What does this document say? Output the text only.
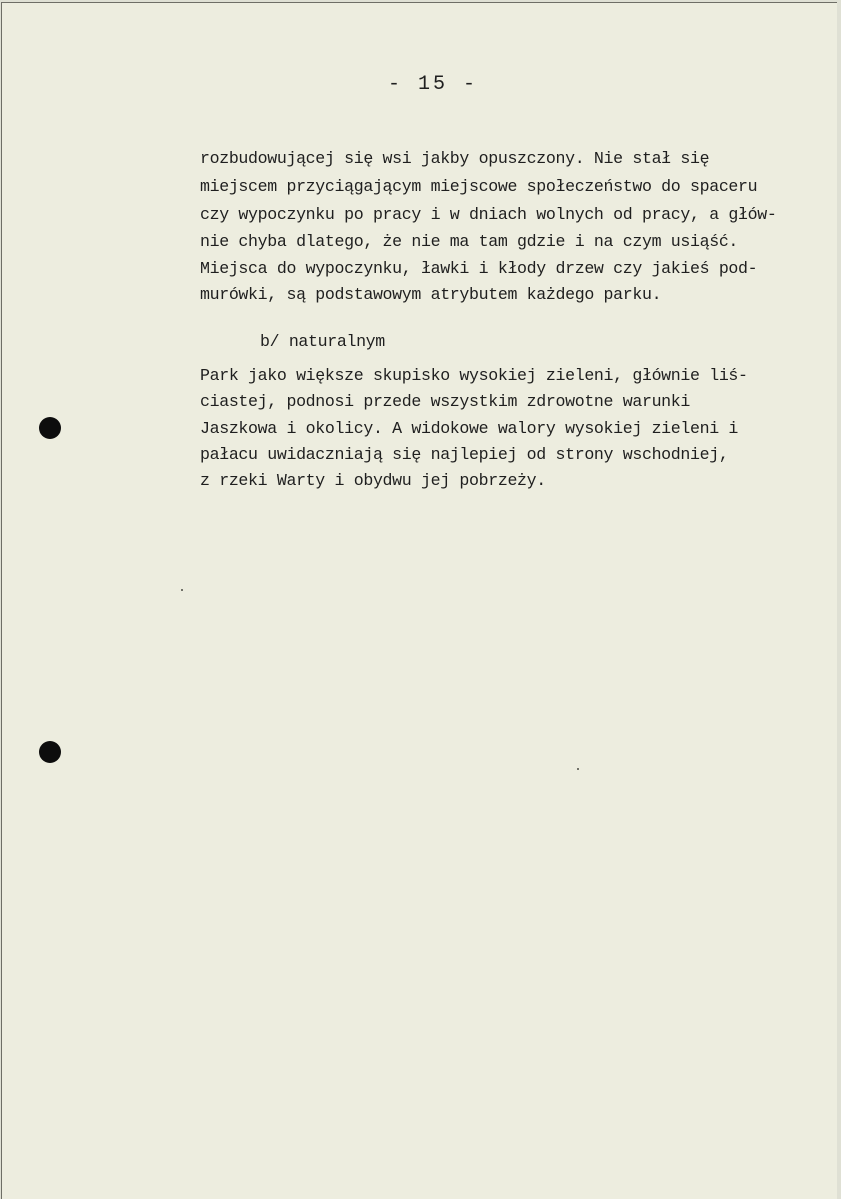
- 15 -
rozbudowującej się wsi jakby opuszczony. Nie stał się
miejscem przyciągającym miejscowe społeczeństwo do spaceru
czy wypoczynku po pracy i w dniach wolnych od pracy, a głów-
nie chyba dlatego, że nie ma tam gdzie i na czym usiąść.
Miejsca do wypoczynku, ławki i kłody drzew czy jakieś pod-
murówki, są podstawowym atrybutem każdego parku.
b/ naturalnym
Park jako większe skupisko wysokiej zieleni, głównie liś-
ciastej, podnosi przede wszystkim zdrowotne warunki
Jaszkowa i okolicy. A widokowe walory wysokiej zieleni i
pałacu uwidaczniają się najlepiej od strony wschodniej,
z rzeki Warty i obydwu jej pobrzeży.
